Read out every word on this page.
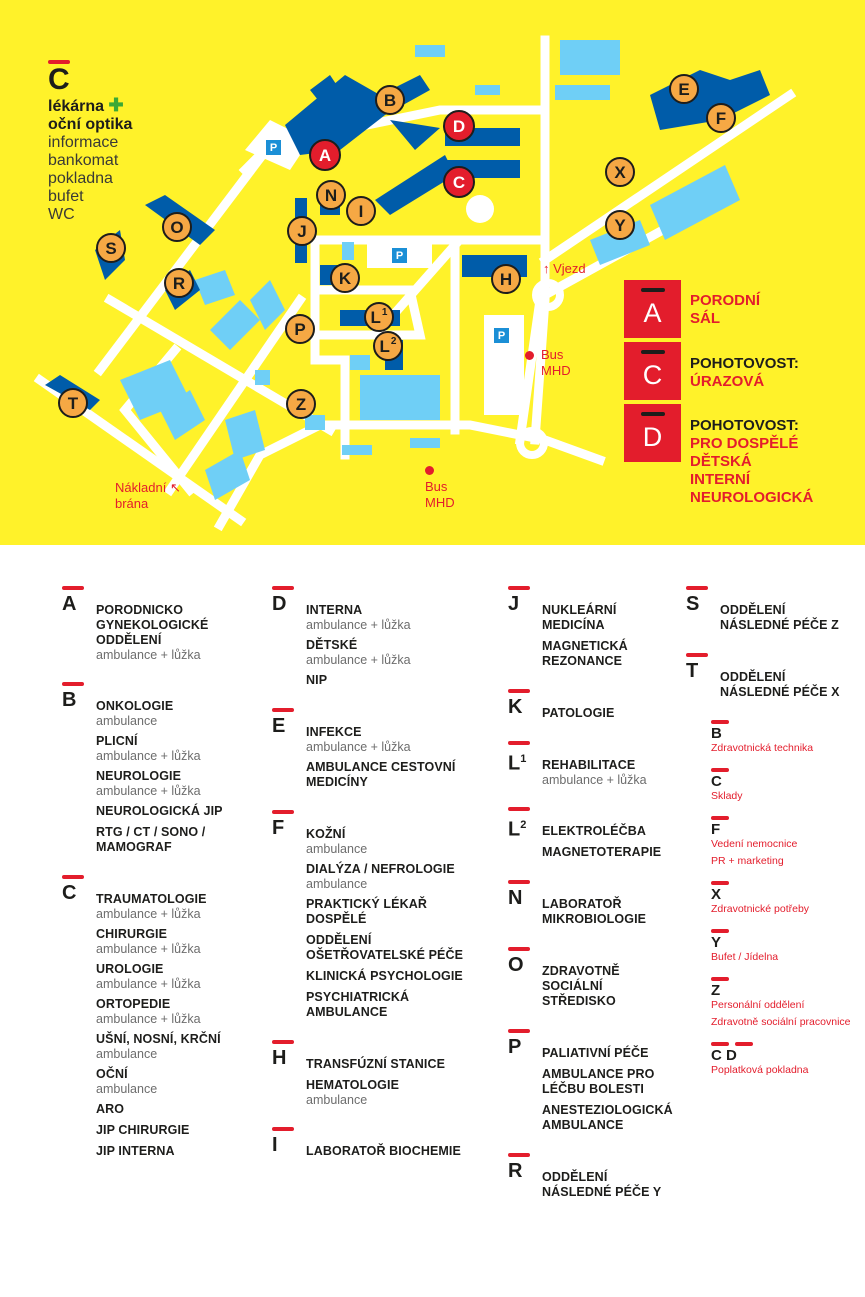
C
lékárna ✚
oční optika
informace
bankomat
pokladna
bufet
WC
P
P
P
A
B
C
D
E
F
H
I
J
K
$L^1$
$L^2$
N
O
P
R
S
T
X
Y
Z
↑ Vjezd
Bus
MHD
Bus
MHD
Nákladní ↖
brána
A	PORODNÍ
SÁL
C	POHOTOVOST:
ÚRAZOVÁ
D	POHOTOVOST:
PRO DOSPĚLÉ
DĚTSKÁ
INTERNÍ
NEUROLOGICKÁ
A PORODNICKO GYNEKOLOGICKÉ ODDĚLENÍ
ambulance + lůžka
B ONKOLOGIE
ambulance
PLICNÍ
ambulance + lůžka
NEUROLOGIE
ambulance + lůžka
NEUROLOGICKÁ JIP
RTG / CT / SONO / MAMOGRAF
C TRAUMATOLOGIE
ambulance + lůžka
CHIRURGIE
ambulance + lůžka
UROLOGIE
ambulance + lůžka
ORTOPEDIE
ambulance + lůžka
UŠNÍ, NOSNÍ, KRČNÍ
ambulance
OČNÍ
ambulance
ARO
JIP CHIRURGIE
JIP INTERNA
D INTERNA
ambulance + lůžka
DĚTSKÉ
ambulance + lůžka
NIP
E INFEKCE
ambulance + lůžka
AMBULANCE CESTOVNÍ MEDICÍNY
F KOŽNÍ
ambulance
DIALÝZA / NEFROLOGIE
ambulance
PRAKTICKÝ LÉKAŘ DOSPĚLÉ
ODDĚLENÍ OŠETŘOVATELSKÉ PÉČE
KLINICKÁ PSYCHOLOGIE
PSYCHIATRICKÁ AMBULANCE
H TRANSFÚZNÍ STANICE
HEMATOLOGIE
ambulance
I LABORATOŘ BIOCHEMIE
J NUKLEÁRNÍ MEDICÍNA
MAGNETICKÁ REZONANCE
K PATOLOGIE
$L^1$ REHABILITACE
ambulance + lůžka
$L^2$ ELEKTROLÉČBA
MAGNETOTERAPIE
N LABORATOŘ MIKROBIOLOGIE
O ZDRAVOTNĚ SOCIÁLNÍ STŘEDISKO
P PALIATIVNÍ PÉČE
AMBULANCE PRO LÉČBU BOLESTI
ANESTEZIOLOGICKÁ AMBULANCE
R ODDĚLENÍ NÁSLEDNÉ PÉČE Y
S ODDĚLENÍ NÁSLEDNÉ PÉČE Z
T ODDĚLENÍ NÁSLEDNÉ PÉČE X
B
Zdravotnická technika
C
Sklady
F
Vedení nemocnice
PR + marketing
X
Zdravotnické potřeby
Y
Bufet / Jídelna
Z
Personální oddělení
Zdravotně sociální pracovnice
C D
Poplatková pokladna
